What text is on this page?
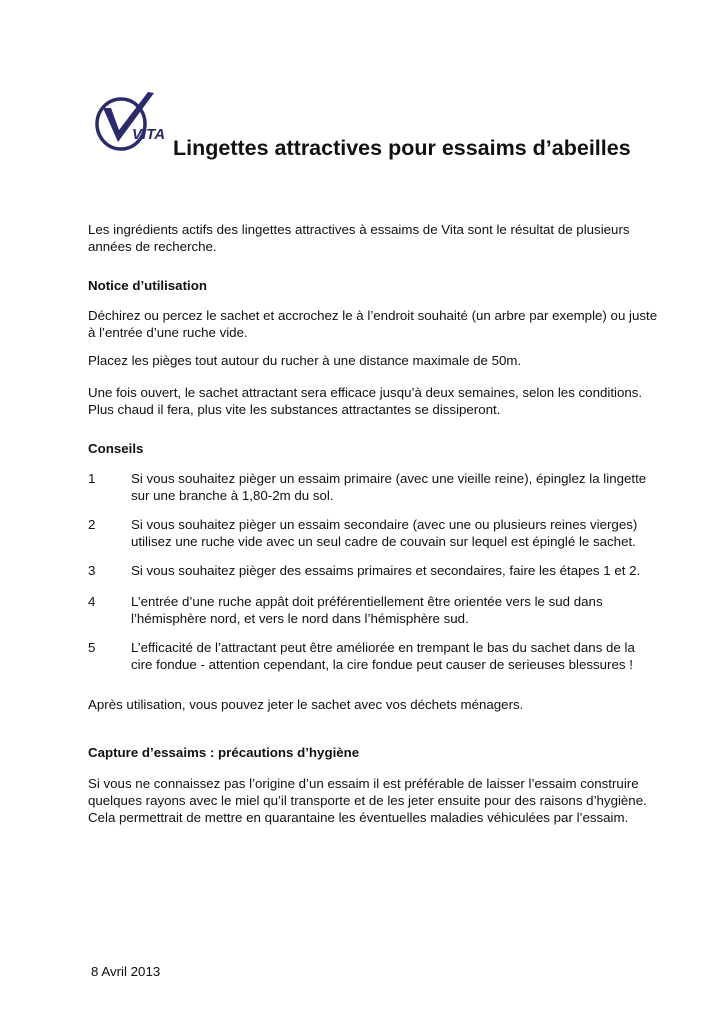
VITA
Lingettes attractives pour essaims d’abeilles

Les ingrédients actifs des lingettes attractives à essaims de Vita sont le résultat de plusieurs années de recherche.

Notice d’utilisation

Déchirez ou percez le sachet et accrochez le à l’endroit souhaité (un arbre par exemple) ou juste à l’entrée d’une ruche vide.

Placez les pièges tout autour du rucher à une distance maximale de 50m.

Une fois ouvert, le sachet attractant sera efficace jusqu’à deux semaines, selon les conditions. Plus chaud il fera, plus vite les substances attractantes se dissiperont.

Conseils

1	Si vous souhaitez pièger un essaim primaire (avec une vieille reine), épinglez la lingette sur une branche à 1,80-2m du sol.
2	Si vous souhaitez pièger un essaim secondaire (avec une ou plusieurs reines vierges) utilisez une ruche vide avec un seul cadre de couvain sur lequel est épinglé le sachet.
3	Si vous souhaitez pièger des essaims primaires et secondaires, faire les étapes 1 et 2.
4	L’entrée d’une ruche appât doit préférentiellement être orientée vers le sud dans l’hémisphère nord, et vers le nord dans l’hémisphère sud.
5	L’efficacité de l’attractant peut être améliorée en trempant le bas du sachet dans de la cire fondue - attention cependant, la cire fondue peut causer de serieuses blessures !

Après utilisation, vous pouvez jeter le sachet avec vos déchets ménagers.

Capture d’essaims : précautions d’hygiène

Si vous ne connaissez pas l’origine d’un essaim il est préférable de laisser l’essaim construire quelques rayons avec le miel qu’il transporte et de les jeter ensuite pour des raisons d’hygiène. Cela permettrait de mettre en quarantaine les éventuelles maladies véhiculées par l’essaim.

8 Avril 2013
